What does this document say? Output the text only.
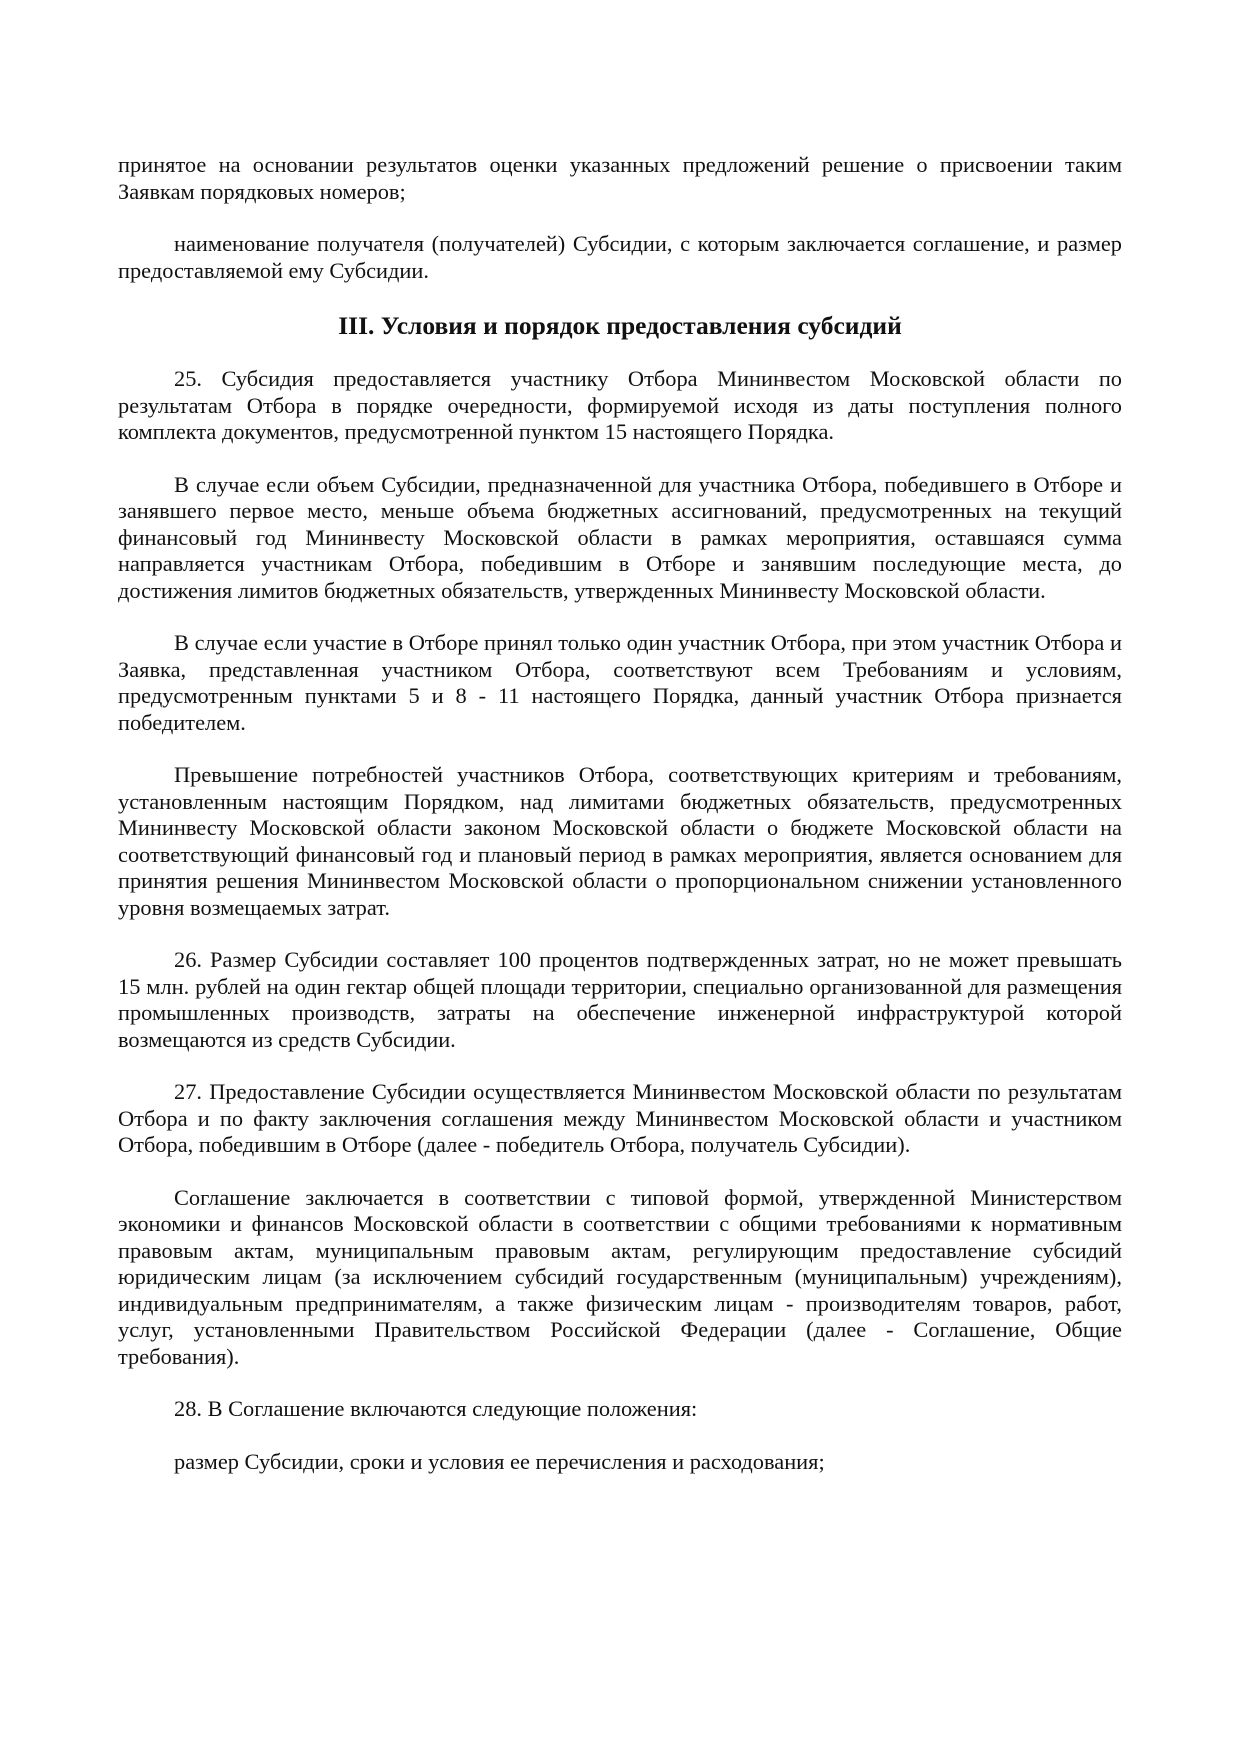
принятое на основании результатов оценки указанных предложений решение о присвоении таким Заявкам порядковых номеров;

наименование получателя (получателей) Субсидии, с которым заключается соглашение, и размер предоставляемой ему Субсидии.

III. Условия и порядок предоставления субсидий

25. Субсидия предоставляется участнику Отбора Мининвестом Московской области по результатам Отбора в порядке очередности, формируемой исходя из даты поступления полного комплекта документов, предусмотренной пунктом 15 настоящего Порядка.

В случае если объем Субсидии, предназначенной для участника Отбора, победившего в Отборе и занявшего первое место, меньше объема бюджетных ассигнований, предусмотренных на текущий финансовый год Мининвесту Московской области в рамках мероприятия, оставшаяся сумма направляется участникам Отбора, победившим в Отборе и занявшим последующие места, до достижения лимитов бюджетных обязательств, утвержденных Мининвесту Московской области.

В случае если участие в Отборе принял только один участник Отбора, при этом участник Отбора и Заявка, представленная участником Отбора, соответствуют всем Требованиям и условиям, предусмотренным пунктами 5 и 8 - 11 настоящего Порядка, данный участник Отбора признается победителем.

Превышение потребностей участников Отбора, соответствующих критериям и требованиям, установленным настоящим Порядком, над лимитами бюджетных обязательств, предусмотренных Мининвесту Московской области законом Московской области о бюджете Московской области на соответствующий финансовый год и плановый период в рамках мероприятия, является основанием для принятия решения Мининвестом Московской области о пропорциональном снижении установленного уровня возмещаемых затрат.

26. Размер Субсидии составляет 100 процентов подтвержденных затрат, но не может превышать 15 млн. рублей на один гектар общей площади территории, специально организованной для размещения промышленных производств, затраты на обеспечение инженерной инфраструктурой которой возмещаются из средств Субсидии.

27. Предоставление Субсидии осуществляется Мининвестом Московской области по результатам Отбора и по факту заключения соглашения между Мининвестом Московской области и участником Отбора, победившим в Отборе (далее - победитель Отбора, получатель Субсидии).

Соглашение заключается в соответствии с типовой формой, утвержденной Министерством экономики и финансов Московской области в соответствии с общими требованиями к нормативным правовым актам, муниципальным правовым актам, регулирующим предоставление субсидий юридическим лицам (за исключением субсидий государственным (муниципальным) учреждениям), индивидуальным предпринимателям, а также физическим лицам - производителям товаров, работ, услуг, установленными Правительством Российской Федерации (далее - Соглашение, Общие требования).

28. В Соглашение включаются следующие положения:

размер Субсидии, сроки и условия ее перечисления и расходования;
